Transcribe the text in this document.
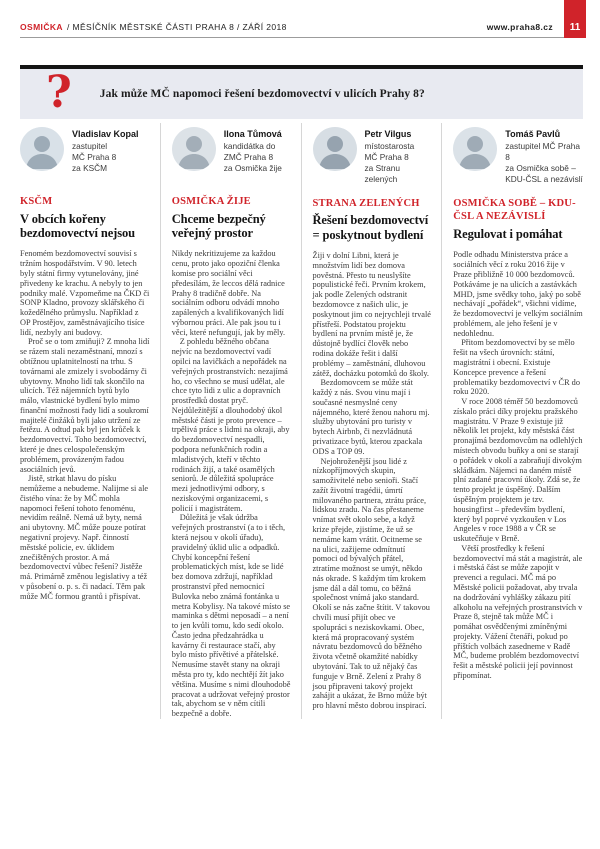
11
OSMIČKA / MĚSÍČNÍK MĚSTSKÉ ČÁSTI PRAHA 8 / ZÁŘÍ 2018	www.praha8.cz
? Jak může MČ napomoci řešení bezdomovectví v ulicích Prahy 8?
Vladislav Kopal
zastupitel
MČ Praha 8
za KSČM
KSČM
V obcích kořeny bezdomovectví nejsou

Fenomém bezdomovectví souvisí s tržním hospodářstvím. V 90. letech byly státní firmy vytunelovány, jiné přivedeny ke krachu. A nebyly to jen podniky malé. Vzpomeňme na ČKD či SONP Kladno, provozy sklářského či kožedělného průmyslu. Například z OP Prostějov, zaměstnávajícího tisíce lidí, nezbyly ani budovy.

Proč se o tom zmiňuji? Z mnoha lidí se rázem stali nezaměstnaní, mnozí s obtížnou uplatnitelností na trhu. S továrnami ale zmizely i svobodárny či ubytovny. Mnoho lidí tak skončilo na ulicích. Též nájemních bytů bylo málo, vlastnické bydlení bylo mimo finanční možnosti řady lidí a soukromí majitelé činžáků byli jako utržení ze řetězu. A odtud pak byl jen krůček k bezdomovectví. Toho bezdomovectví, které je dnes celospolečenským problémem, provázeným řadou asociálních jevů.

Jistě, strkat hlavu do písku nemůžeme a nebudeme. Nalijme si ale čistého vína: že by MČ mohla napomoci řešení tohoto fenoménu, nevidím reálně. Nemá už byty, nemá ani ubytovny. MČ může pouze potírat negativní projevy. Např. činností městské policie, ev. úklidem znečištěných prostor. A má bezdomovectví vůbec řešení? Jistěže má. Primárně změnou legislativy a též v působení o. p. s. či nadací. Těm pak může MČ formou grantů i přispívat.

Ilona Tůmová
kandidátka do
ZMČ Praha 8
za Osmička žije
OSMIČKA ŽIJE
Chceme bezpečný veřejný prostor

Nikdy nekritizujeme za každou cenu, proto jako opoziční členka komise pro sociální věci předesílám, že leccos dělá radnice Prahy 8 tradičně dobře. Na sociálním odboru odvádí mnoho zapálených a kvalifikovaných lidí výbornou práci. Ale pak jsou tu i věci, které nefungují, jak by měly.

Z pohledu běžného občana nejvíc na bezdomovectví vadí opilci na lavičkách a nepořádek na veřejných prostranstvích: nezajímá ho, co všechno se musí udělat, ale chce tyto lidi z ulic a dopravních prostředků dostat pryč. Nejdůležitější a dlouhodobý úkol městské části je proto prevence – trpělivá práce s lidmi na okraji, aby do bezdomovectví nespadli, podpora nefunkčních rodin a mladistvých, kteří v těchto rodinách žijí, a také osamělých seniorů. Je důležitá spolupráce mezi jednotlivými odbory, s neziskovými organizacemi, s policií i magistrátem.

Důležitá je však údržba veřejných prostranství (a to i těch, která nejsou v okolí úřadu), pravidelný úklid ulic a odpadků. Chybí koncepční řešení problematických míst, kde se lidé bez domova zdržují, například prostranství před nemocnicí Bulovka nebo známá fontánka u metra Kobylisy. Na takové místo se maminka s dětmi neposadí – a není to jen kvůli tomu, kdo sedí okolo. Často jedna předzahrádka u kavárny či restaurace stačí, aby bylo místo přívětivé a přátelské. Nemusíme stavět stany na okraji města pro ty, kdo nechtějí žít jako většina. Musíme s nimi dlouhodobě pracovat a udržovat veřejný prostor tak, abychom se v něm cítili bezpečně a dobře.

Petr Vilgus
místostarosta
MČ Praha 8
za Stranu zelených
STRANA ZELENÝCH
Řešení bezdomovectví = poskytnout bydlení

Žiji v dolní Libni, která je množstvím lidí bez domova pověstná. Přesto tu neuslyšíte populistické řeči. Prvním krokem, jak podle Zelených odstranit bezdomovce z našich ulic, je poskytnout jim co nejrychleji trvalé přístřeší. Podstatou projektu bydlení na prvním místě je, že důstojně bydlící člověk nebo rodina dokáže řešit i další problémy – zaměstnání, dluhovou zátěž, docházku potomků do školy.

Bezdomovcem se může stát každý z nás. Svou vinu mají i současné nesmyslné ceny nájemného, které ženou nahoru mj. služby ubytování pro turisty v bytech Airbnb, či nezvládnutá privatizace bytů, kterou zpackala ODS a TOP 09.

Nejohroženější jsou lidé z nízkopříjmových skupin, samoživitelé nebo senioři. Stačí zažít životní tragédii, úmrtí milovaného partnera, ztrátu práce, lidskou zradu. Na čas přestaneme vnímat svět okolo sebe, a když krize přejde, zjistíme, že už se nemáme kam vrátit. Ocitneme se na ulici, zažijeme odmítnutí pomoci od bývalých přátel, ztratíme možnost se umýt, někdo nás okrade. S každým tím krokem jsme dál a dál tomu, co běžná společnost vnímá jako standard. Okolí se nás začne štítit. V takovou chvíli musí přijít obec ve spolupráci s neziskovkami. Obec, která má propracovaný systém návratu bezdomovců do běžného života včetně okamžité nabídky ubytování. Tak to už nějaký čas funguje v Brně. Zelení z Prahy 8 jsou připraveni takový projekt zahájit a ukázat, že Brno může být pro hlavní město dobrou inspirací.

Tomáš Pavlů
zastupitel MČ Praha 8
za Osmička sobě –
KDU-ČSL a nezávislí
OSMIČKA SOBĚ – KDU-ČSL A NEZÁVISLÍ
Regulovat i pomáhat

Podle odhadu Ministerstva práce a sociálních věcí z roku 2016 žije v Praze přibližně 10 000 bezdomovců. Potkáváme je na ulicích a zastávkách MHD, jsme svědky toho, jaký po sobě nechávají „pořádek“, všichni vidíme, že bezdomovectví je velkým sociálním problémem, ale jeho řešení je v nedohlednu.

Přitom bezdomovectví by se mělo řešit na všech úrovních: státní, magistrátní i obecní. Existuje Koncepce prevence a řešení problematiky bezdomovectví v ČR do roku 2020.

V roce 2008 téměř 50 bezdomovců získalo práci díky projektu pražského magistrátu. V Praze 9 existuje již několik let projekt, kdy městská část pronajímá bezdomovcům na odlehlých místech obvodu buňky a oni se starají o pořádek v okolí a zabraňují divokým skládkám. Nájemci na daném místě plní zadané pracovní úkoly. Zdá se, že tento projekt je úspěšný. Dalším úspěšným projektem je tzv. housingfirst – především bydlení, který byl poprvé vyzkoušen v Los Angeles v roce 1988 a v ČR se uskutečňuje v Brně.

Větší prostředky k řešení bezdomovectví má stát a magistrát, ale i městská část se může zapojit v prevenci a regulaci. MČ má po Městské policii požadovat, aby trvala na dodržování vyhlášky zákazu pití alkoholu na veřejných prostranstvích v Praze 8, stejně tak může MČ i pomáhat osvědčenými zmíněnými projekty. Vážení čtenáři, pokud po příštích volbách zasedneme v Radě MČ, budeme problém bezdomovectví řešit a městské policii její povinnost připomínat.
